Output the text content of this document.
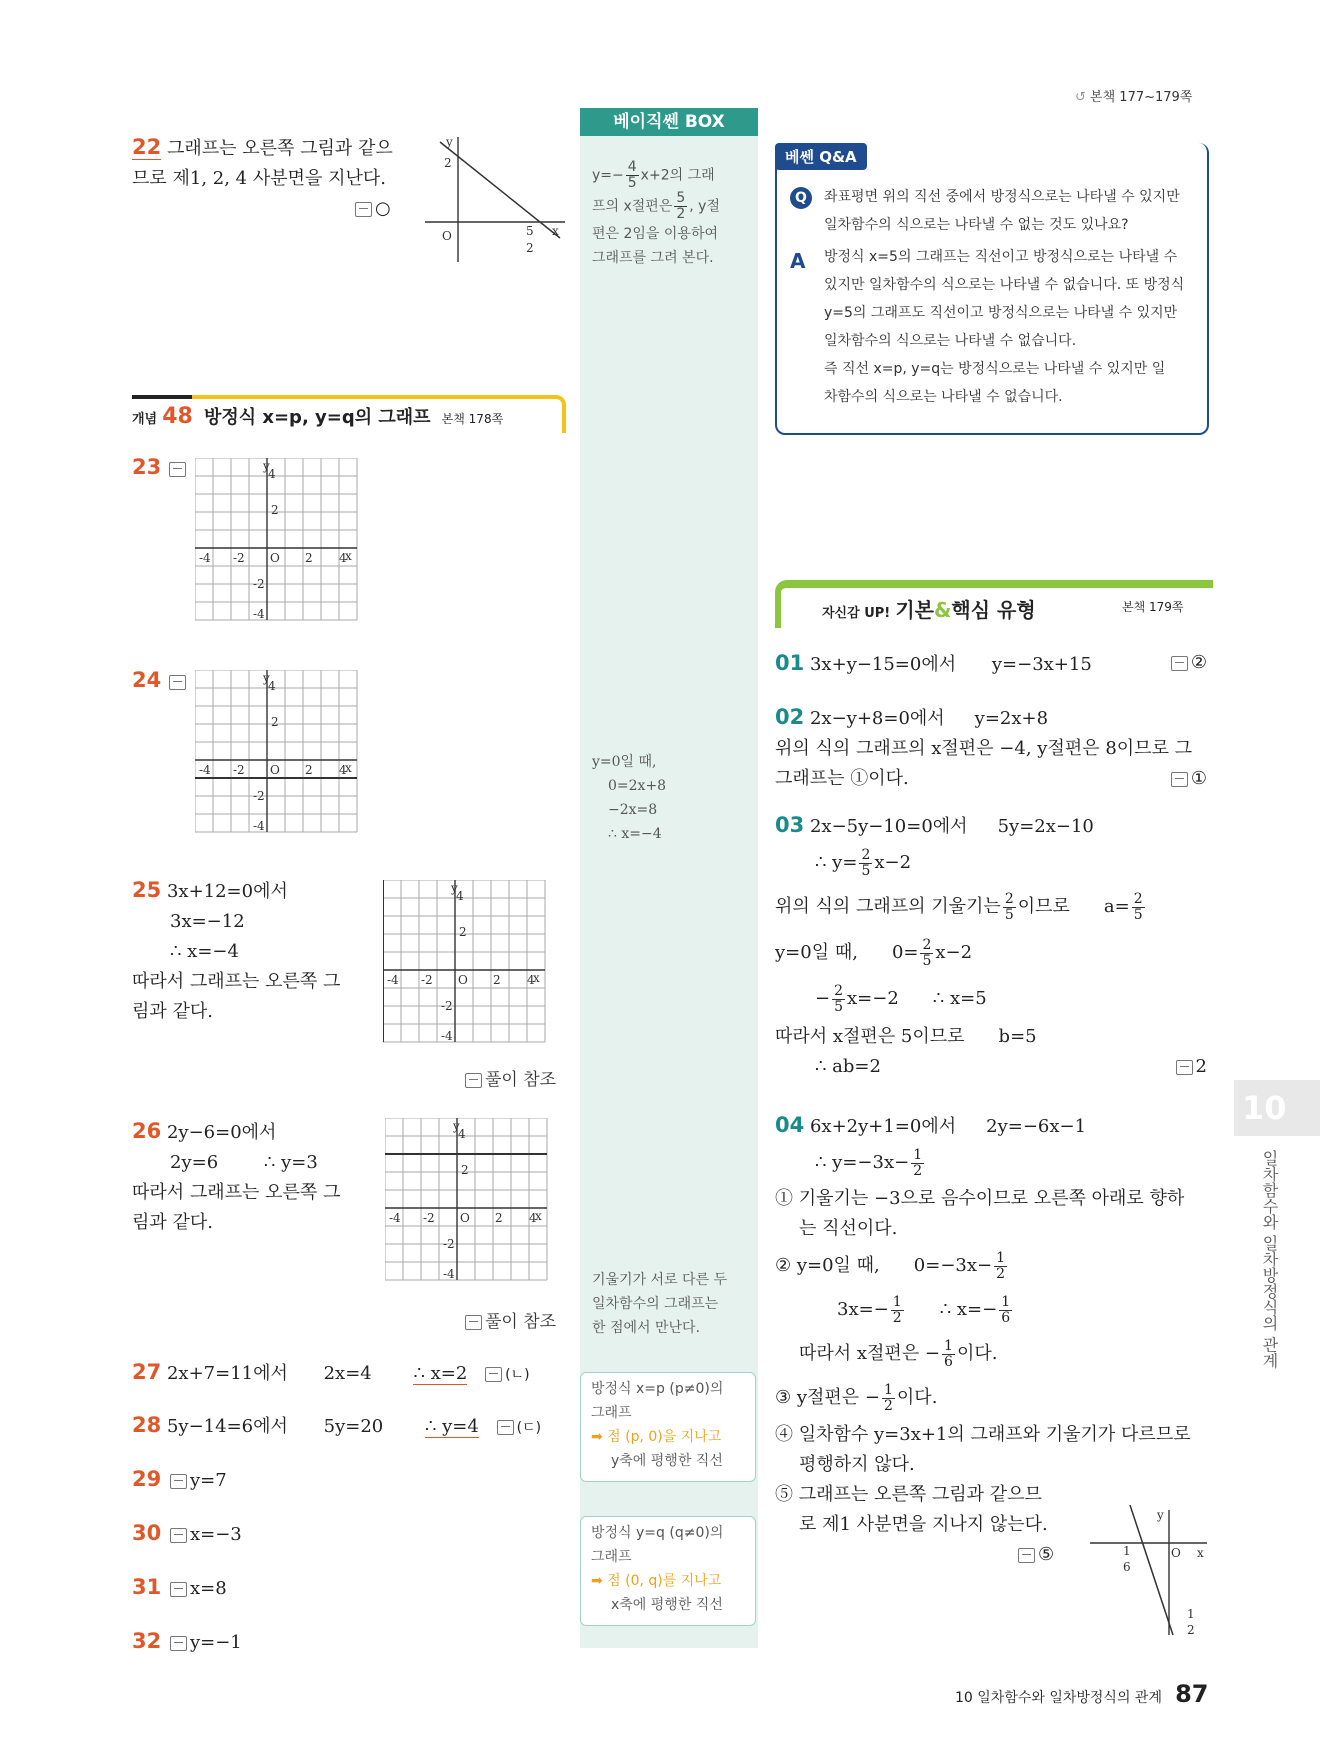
↺ 본책 177~179쪽
베이직쎈 BOX
$y=- \frac{4}{5} x+2$의 그래
프의 x절편은 $\frac{5}{2}$ , y절
편은 2임을 이용하여
그래프를 그려 본다.
y=0일 때,
0=2x+8
−2x=8
∴ x=−4
기울기가 서로 다른 두
일차함수의 그래프는
한 점에서 만난다.
방정식 x=p (p≠0)의
그래프
➡ 점 (p, 0)을 지나고
y축에 평행한 직선
방정식 y=q (q≠0)의
그래프
➡ 점 (0, q)를 지나고
x축에 평행한 직선
22 그래프는 오른쪽 그림과 같으
므로 제1, 2, 4 사분면을 지난다.
○
2
O	x
y
5
2
베쎈 Q&A
Q	좌표평면 위의 직선 중에서 방정식으로는 나타낼 수 있지만
일차함수의 식으로는 나타낼 수 없는 것도 있나요?
A 방정식 x=5의 그래프는 직선이고 방정식으로는 나타낼 수
있지만 일차함수의 식으로는 나타낼 수 없습니다. 또 방정식
y=5의 그래프도 직선이고 방정식으로는 나타낼 수 있지만
일차함수의 식으로는 나타낼 수 없습니다.
즉 직선 x=p, y=q는 방정식으로는 나타낼 수 있지만 일
차함수의 식으로는 나타낼 수 없습니다.
개념 48 방정식 x=p, y=q의 그래프 본책 178쪽
23
24
-4 -2	2 4
O	x
y
4
2
-2
-4
-4 -2	2 4
O	x
y
4
2
-2
-4
-4 -2	2 4
O	x
y
4
2
-2
-4
-4 -2	2 4
O	x
y
4
2
-2
-4
25 3x+12=0에서
3x=−12
∴ x=−4
따라서 그래프는 오른쪽 그
림과 같다.
풀이 참조
26 2y−6=0에서
2y=6        ∴ y=3
따라서 그래프는 오른쪽 그
림과 같다.
풀이 참조
27 2x+7=11에서 2x=4 ∴ x=2	(ㄴ)
28 5y−14=6에서 5y=20 ∴ y=4	(ㄷ)
29 y=7
30 x=−3
31 x=8
32 y=−1
자신감 UP! 기본&핵심 유형	본책 179쪽
01 3x+y−15=0에서 y=−3x+15	②
02 2x−y+8=0에서 y=2x+8
위의 식의 그래프의 x절편은 −4, y절편은 8이므로 그
그래프는 ①이다.	①
03 2x−5y−10=0에서 5y=2x−10
∴ $y= \frac{2}{5} x-2$
위의 식의 그래프의 기울기는 $\frac{2}{5}$ 이므로 $a= \frac{2}{5}$
y=0일 때, $0= \frac{2}{5} x-2$
− $\frac{2}{5} x=-2$ ∴ x=5
따라서 x절편은 5이므로 b=5
∴ ab=2	2
04 6x+2y+1=0에서 2y=−6x−1
∴ $y=-3x- \frac{1}{2}$
① 기울기는 −3으로 음수이므로 오른쪽 아래로 향하
는 직선이다.
② y=0일 때, $0=-3x- \frac{1}{2}$
$3x=- \frac{1}{2}$ ∴ $x=- \frac{1}{6}$
따라서 x절편은 − $\frac{1}{6}$ 이다.
③ y절편은 − $\frac{1}{2}$ 이다.
④ 일차함수 y=3x+1의 그래프와 기울기가 다르므로
평행하지 않다.
⑤ 그래프는 오른쪽 그림과 같으므
로 제1 사분면을 지나지 않는다.
⑤
y
O x
1
6
1
2
10
일차함수와 일차방정식의 관계
10 일차함수와 일차방정식의 관계 87
